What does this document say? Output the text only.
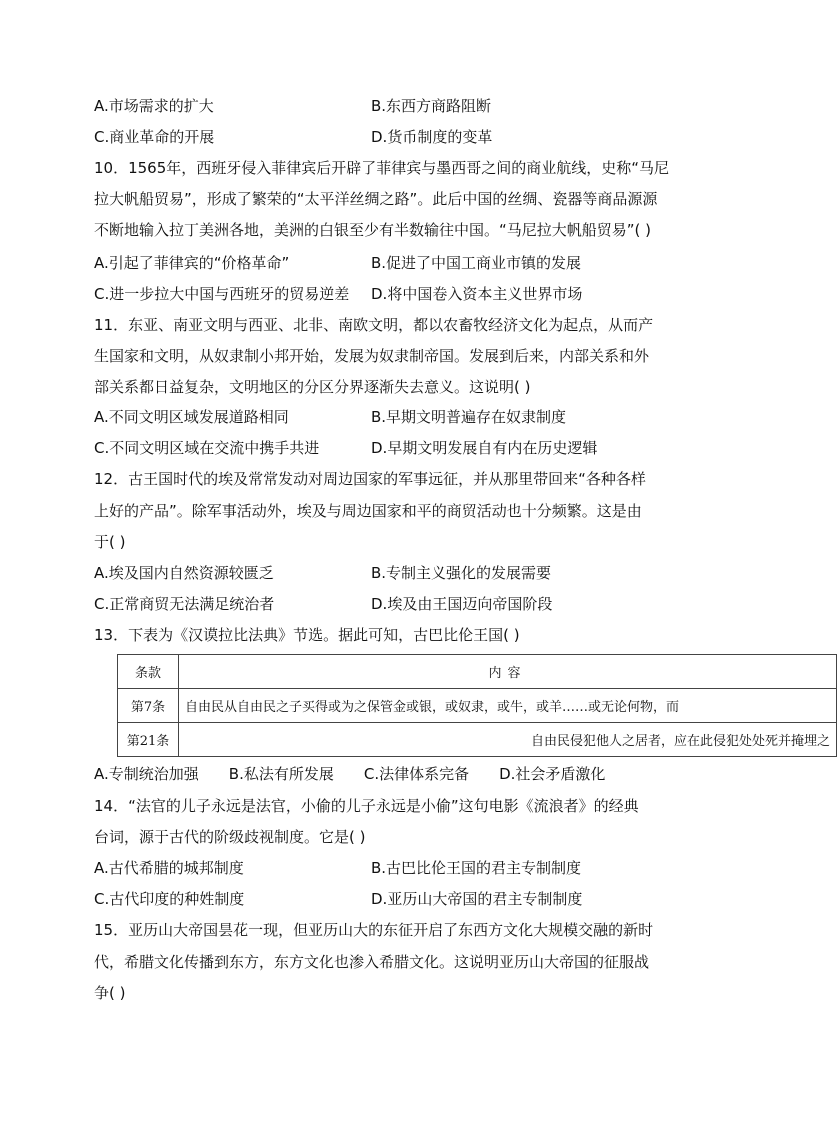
A.市场需求的扩大	B.东西方商路阻断
C.商业革命的开展	D.货币制度的变革
10．1565年，西班牙侵入菲律宾后开辟了菲律宾与墨西哥之间的商业航线，史称“马尼
拉大帆船贸易”，形成了繁荣的“太平洋丝绸之路”。此后中国的丝绸、瓷器等商品源源
不断地输入拉丁美洲各地，美洲的白银至少有半数输往中国。“马尼拉大帆船贸易”( )
A.引起了菲律宾的“价格革命”	B.促进了中国工商业市镇的发展
C.进一步拉大中国与西班牙的贸易逆差 D.将中国卷入资本主义世界市场
11．东亚、南亚文明与西亚、北非、南欧文明，都以农畜牧经济文化为起点，从而产
生国家和文明，从奴隶制小邦开始，发展为奴隶制帝国。发展到后来，内部关系和外
部关系都日益复杂，文明地区的分区分界逐渐失去意义。这说明( )
A.不同文明区域发展道路相同	B.早期文明普遍存在奴隶制度
C.不同文明区域在交流中携手共进	D.早期文明发展自有内在历史逻辑
12．古王国时代的埃及常常发动对周边国家的军事远征，并从那里带回来“各种各样
上好的产品”。除军事活动外，埃及与周边国家和平的商贸活动也十分频繁。这是由
于( )
A.埃及国内自然资源较匮乏	B.专制主义强化的发展需要
C.正常商贸无法满足统治者	D.埃及由王国迈向帝国阶段
13．下表为《汉谟拉比法典》节选。据此可知，古巴比伦王国( )
条款	内容
第7条	自由民从自由民之子买得或为之保管金或银，或奴隶，或牛，或羊……或无论何物，而
第21条	自由民侵犯他人之居者，应在此侵犯处处死并掩埋之
A.专制统治加强 B.私法有所发展 C.法律体系完备 D.社会矛盾激化
14．“法官的儿子永远是法官，小偷的儿子永远是小偷”这句电影《流浪者》的经典
台词，源于古代的阶级歧视制度。它是( )
A.古代希腊的城邦制度	B.古巴比伦王国的君主专制制度
C.古代印度的种姓制度	D.亚历山大帝国的君主专制制度
15．亚历山大帝国昙花一现，但亚历山大的东征开启了东西方文化大规模交融的新时
代，希腊文化传播到东方，东方文化也渗入希腊文化。这说明亚历山大帝国的征服战
争( )
